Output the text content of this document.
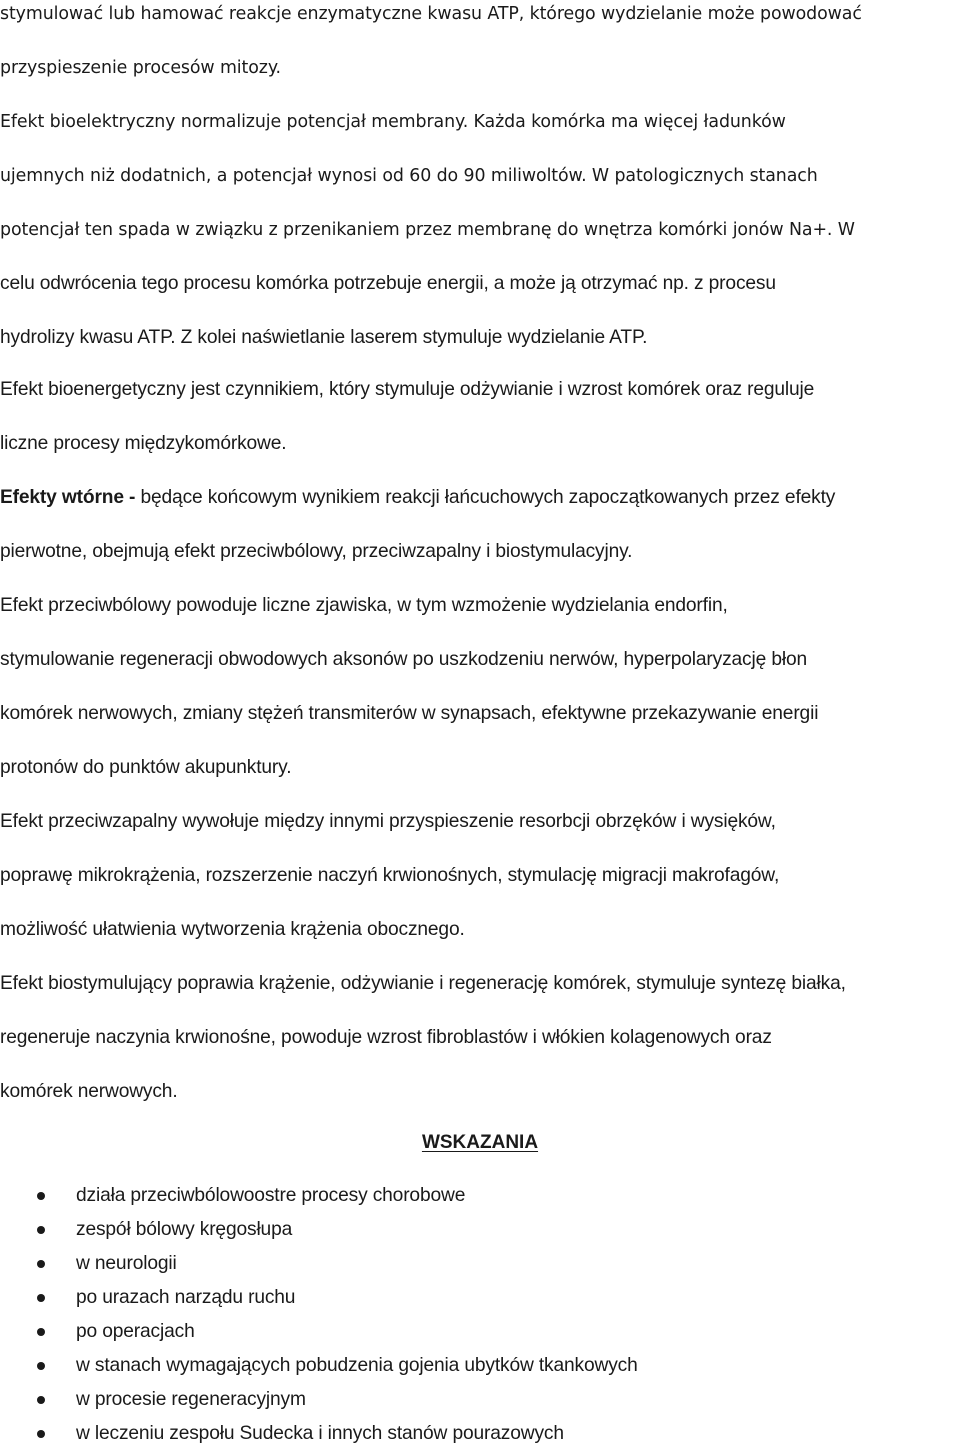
stymulować lub hamować reakcje enzymatyczne kwasu ATP, którego wydzielanie może powodować
przyspieszenie procesów mitozy.
Efekt bioelektryczny normalizuje potencjał membrany. Każda komórka ma więcej ładunków
ujemnych niż dodatnich, a potencjał wynosi od 60 do 90 miliwoltów. W patologicznych stanach
potencjał ten spada w związku z przenikaniem przez membranę do wnętrza komórki jonów Na+. W
celu odwrócenia tego procesu komórka potrzebuje energii, a może ją otrzymać np. z procesu
hydrolizy kwasu ATP. Z kolei naświetlanie laserem stymuluje wydzielanie ATP.
Efekt bioenergetyczny jest czynnikiem, który stymuluje odżywianie i wzrost komórek oraz reguluje
liczne procesy międzykomórkowe.
Efekty wtórne - będące końcowym wynikiem reakcji łańcuchowych zapoczątkowanych przez efekty
pierwotne, obejmują efekt przeciwbólowy, przeciwzapalny i biostymulacyjny.
Efekt przeciwbólowy powoduje liczne zjawiska, w tym wzmożenie wydzielania endorfin,
stymulowanie regeneracji obwodowych aksonów po uszkodzeniu nerwów, hyperpolaryzację błon
komórek nerwowych, zmiany stężeń transmiterów w synapsach, efektywne przekazywanie energii
protonów do punktów akupunktury.
Efekt przeciwzapalny wywołuje między innymi przyspieszenie resorbcji obrzęków i wysięków,
poprawę mikrokrążenia, rozszerzenie naczyń krwionośnych, stymulację migracji makrofagów,
możliwość ułatwienia wytworzenia krążenia obocznego.
Efekt biostymulujący poprawia krążenie, odżywianie i regenerację komórek, stymuluje syntezę białka,
regeneruje naczynia krwionośne, powoduje wzrost fibroblastów i włókien kolagenowych oraz
komórek nerwowych.
WSKAZANIA
działa przeciwbólowoostre procesy chorobowe
zespół bólowy kręgosłupa
w neurologii
po urazach narządu ruchu
po operacjach
w stanach wymagających pobudzenia gojenia ubytków tkankowych
w procesie regeneracyjnym
w leczeniu zespołu Sudecka i innych stanów pourazowych
